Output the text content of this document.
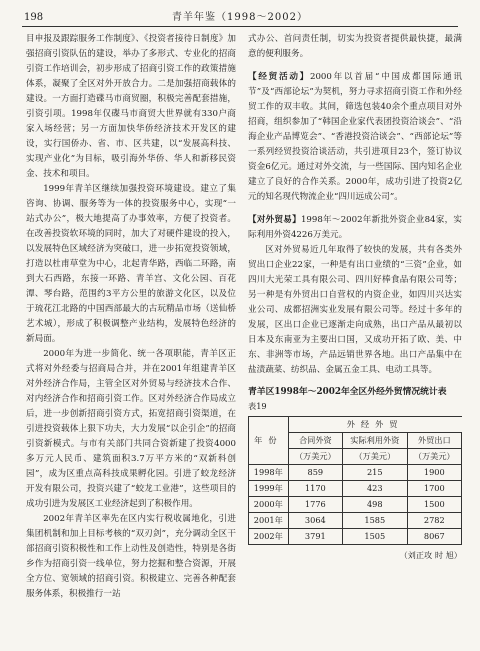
198	青羊年鉴（1998～2002）

目申报及跟踪服务工作制度》、《投资者接待日制度》加强招商引资队伍的建设，举办了多形式、专业化的招商引资工作培训会，初步形成了招商引资工作的政策措施体系，凝聚了全区对外开放合力。二是加强招商载体的建设。一方面打造碟马市商贸圈，积极完善配套措施，引资引项。1998年仅碟马市商贸大世界就有330户商家入场经营；另一方面加快华侨经济技术开发区的建设，实行国侨办、省、市、区共建，以“发展高科技、实现产业化”为目标，吸引海外华侨、华人和新移民资金、技术和项目。

1999年青羊区继续加强投资环境建设。建立了集咨询、协调、服务等为一体的投资服务中心，实现“一站式办公”，极大地提高了办事效率，方便了投资者。在改善投资软环境的同时，加大了对硬件建设的投入，以发展特色区域经济为突破口，进一步拓宽投资领域，打造以杜甫草堂为中心，北起青华路，西临二环路，南到大石西路，东接一环路、青羊宫、文化公园、百花潭、琴台路，范围约3平方公里的旅游文化区，以及位于琉花江北路的中国西部最大的古玩精品市场（送仙桥艺术城），形成了积极调整产业结构，发展特色经济的新局面。

2000年为进一步简化、统一各项职能，青羊区正式将对外经委与招商局合并，并在2001年组建青羊区对外经济合作局，主管全区对外贸易与经济技术合作、对内经济合作和招商引资工作。区对外经济合作局成立后，进一步创新招商引资方式，拓宽招商引资渠道，在引进投资载体上狠下功夫，大力发展“以企引企”的招商引资新模式。与市有关部门共同合资新建了投资4000多万元人民币、建筑面积3.7万平方米的“双新科创园”，成为区重点高科技成果孵化园。引进了蛟龙经济开发有限公司，投资兴建了“蛟龙工业港”，这些项目的成功引进为发展区工业经济起到了积极作用。

2002年青羊区率先在区内实行税收属地化，引进集团机制和加上目标考核的“双刃剑”，充分调动全区干部招商引资积极性和工作上动性及创造性，特别是各街乡作为招商引资一线单位，努力挖掘和整合资源，开展全方位、宽领域的招商引资。积极建立、完善各种配套服务体系，积极推行一站

式办公、首问责任制，切实为投资者提供最快捷，最满意的便利服务。

【经贸活动】2000年以首届“中国成都国际通讯节”及“西部论坛”为契机，努力寻求招商引资工作和外经贸工作的双丰收。其间，筛选包装40余个重点项目对外招商，组织参加了“韩国企业家代表团投资洽谈会”、“沿海企业产品博览会”、“香港投资洽谈会”、“西部论坛”等一系列经贸投资洽谈活动，共引进项目23个，签订协议资金6亿元。通过对外交流，与一些国际、国内知名企业建立了良好的合作关系。2000年，成功引进了投资2亿元的知名现代物流企业“四川远成公司”。

【对外贸易】1998年～2002年新批外资企业84家，实际利用外资4226万美元。

区对外贸易近几年取得了较快的发展，共有各类外贸出口企业22家，一种是有出口业绩的“三资”企业，如四川大光荣工具有限公司、四川好棒食品有限公司等；另一种是有外贸出口自营权的内资企业，如四川兴达实业公司、成都招洲实业发展有限公司等。经过十多年的发展，区出口企业已逐渐走向成熟，出口产品从最初以日本及东南亚为主要出口国，又成功开拓了欧、美、中东、非洲等市场，产品远销世界各地。出口产品集中在盐渍蔬菜、纺织品、金属五金工具、电动工具等。

青羊区1998年～2002年全区外经外贸情况统计表

表19

年份	外经外贸		
	合同外资	实际利用外资	外贸出口
	（万美元）	（万美元）	（万美元）
1998年	859	215	1900
1999年	1170	423	1700
2000年	1776	498	1500
2001年	3064	1585	2782
2002年	3791	1505	8067
（刘正攻 时 旭）
